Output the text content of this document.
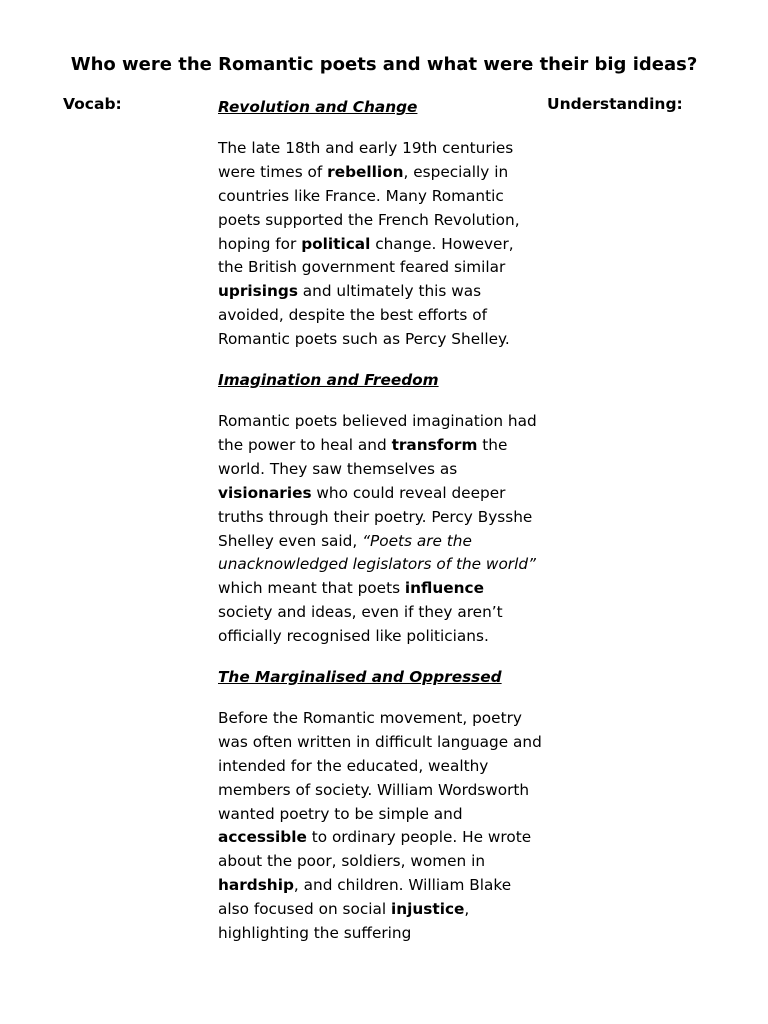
Who were the Romantic poets and what were their big ideas?
Vocab:	Understanding:

Revolution and Change

The late 18th and early 19th centuries were times of rebellion, especially in countries like France. Many Romantic poets supported the French Revolution, hoping for political change. However, the British government feared similar uprisings and ultimately this was avoided, despite the best efforts of Romantic poets such as Percy Shelley.

Imagination and Freedom

Romantic poets believed imagination had the power to heal and transform the world. They saw themselves as visionaries who could reveal deeper truths through their poetry. Percy Bysshe Shelley even said, “Poets are the unacknowledged legislators of the world” which meant that poets influence society and ideas, even if they aren’t officially recognised like politicians.

The Marginalised and Oppressed

Before the Romantic movement, poetry was often written in difficult language and intended for the educated, wealthy members of society. William Wordsworth wanted poetry to be simple and accessible to ordinary people. He wrote about the poor, soldiers, women in hardship, and children. William Blake also focused on social injustice, highlighting the suffering
